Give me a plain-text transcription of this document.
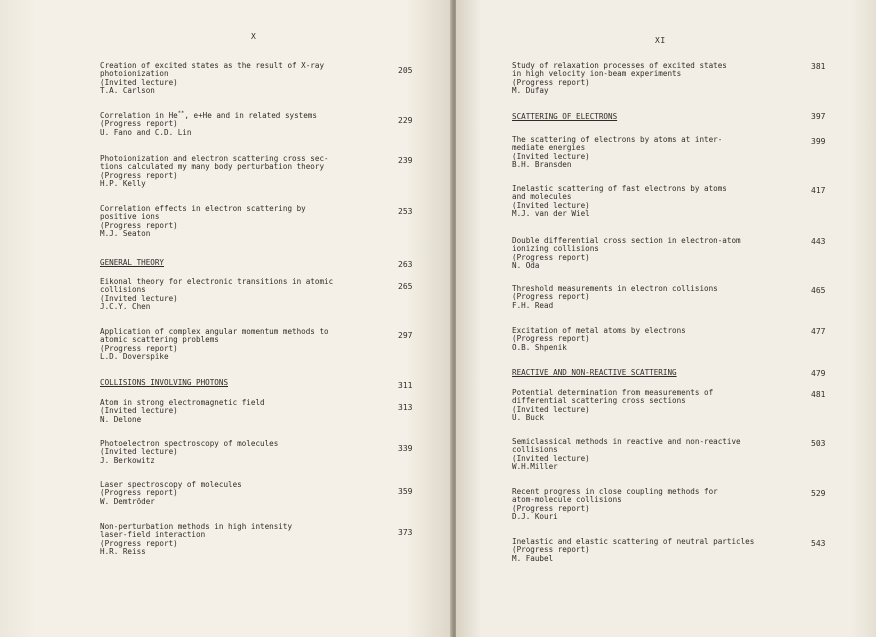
X
Creation of excited states as the result of X-ray
photoionization
(Invited lecture)
T.A. Carlson
205
Correlation in He**, e+He and in related systems
(Progress report)
U. Fano and C.D. Lin
229
Photoionization and electron scattering cross sec-
tions calculated my many body perturbation theory
(Progress report)
H.P. Kelly
239
Correlation effects in electron scattering by
positive ions
(Progress report)
M.J. Seaton
253
GENERAL THEORY	263
Eikonal theory for electronic transitions in atomic
collisions
(Invited lecture)
J.C.Y. Chen
265
Application of complex angular momentum methods to
atomic scattering problems
(Progress report)
L.D. Doverspike
297
COLLISIONS INVOLVING PHOTONS	311
Atom in strong electromagnetic field
(Invited lecture)
N. Delone
313
Photoelectron spectroscopy of molecules
(Invited lecture)
J. Berkowitz
339
Laser spectroscopy of molecules
(Progress report)
W. Demtröder
359
Non-perturbation methods in high intensity
laser-field interaction
(Progress report)
H.R. Reiss
373
XI
Study of relaxation processes of excited states
in high velocity ion-beam experiments
(Progress report)
M. Dufay
381
SCATTERING OF ELECTRONS	397
The scattering of electrons by atoms at inter-
mediate energies
(Invited lecture)
B.H. Bransden
399
Inelastic scattering of fast electrons by atoms
and molecules
(Invited lecture)
M.J. van der Wiel
417
Double differential cross section in electron-atom
ionizing collisions
(Progress report)
N. Oda
443
Threshold measurements in electron collisions
(Progress report)
F.H. Read
465
Excitation of metal atoms by electrons
(Progress report)
O.B. Shpenik
477
REACTIVE AND NON-REACTIVE SCATTERING	479
Potential determination from measurements of
differential scattering cross sections
(Invited lecture)
U. Buck
481
Semiclassical methods in reactive and non-reactive
collisions
(Invited lecture)
W.H.Miller
503
Recent progress in close coupling methods for
atom-molecule collisions
(Progress report)
D.J. Kouri
529
Inelastic and elastic scattering of neutral particles
(Progress report)
M. Faubel
543
